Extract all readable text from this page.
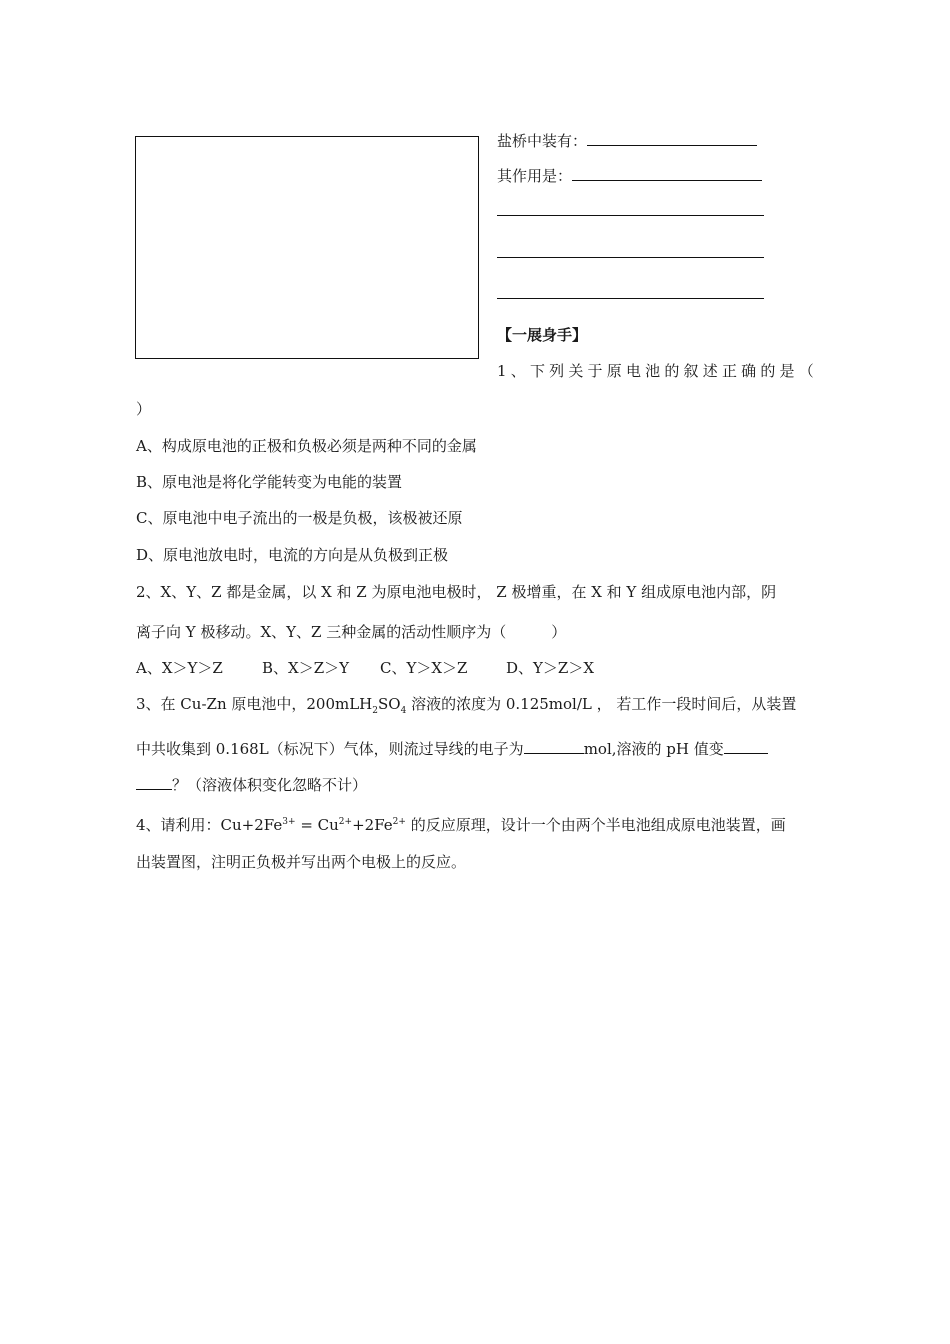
盐桥中装有：
其作用是：
【一展身手】
1、下列关于原电池的叙述正确的是（
）
A、构成原电池的正极和负极必须是两种不同的金属
B、原电池是将化学能转变为电能的装置
C、原电池中电子流出的一极是负极，该极被还原
D、原电池放电时，电流的方向是从负极到正极
2、X、Y、Z 都是金属，以 X 和 Z 为原电池电极时， Z 极增重，在 X 和 Y 组成原电池内部，阴
离子向 Y 极移动。X、Y、Z 三种金属的活动性顺序为（　　　）
A、X＞Y＞Z	B、X＞Z＞Y C、Y＞X＞Z	D、Y＞Z＞X
3、在 Cu-Zn 原电池中，$200mLH_2SO_4$ 溶液的浓度为 0.125mol/L ， 若工作一段时间后，从装置
中共收集到 0.168L（标况下）气体，则流过导线的电子为	mol,溶液的 pH 值变
？（溶液体积变化忽略不计）
4、请利用：$Cu+2Fe^{3+} = Cu^{2+}+2Fe^{2+}$ 的反应原理，设计一个由两个半电池组成原电池装置，画
出装置图，注明正负极并写出两个电极上的反应。
